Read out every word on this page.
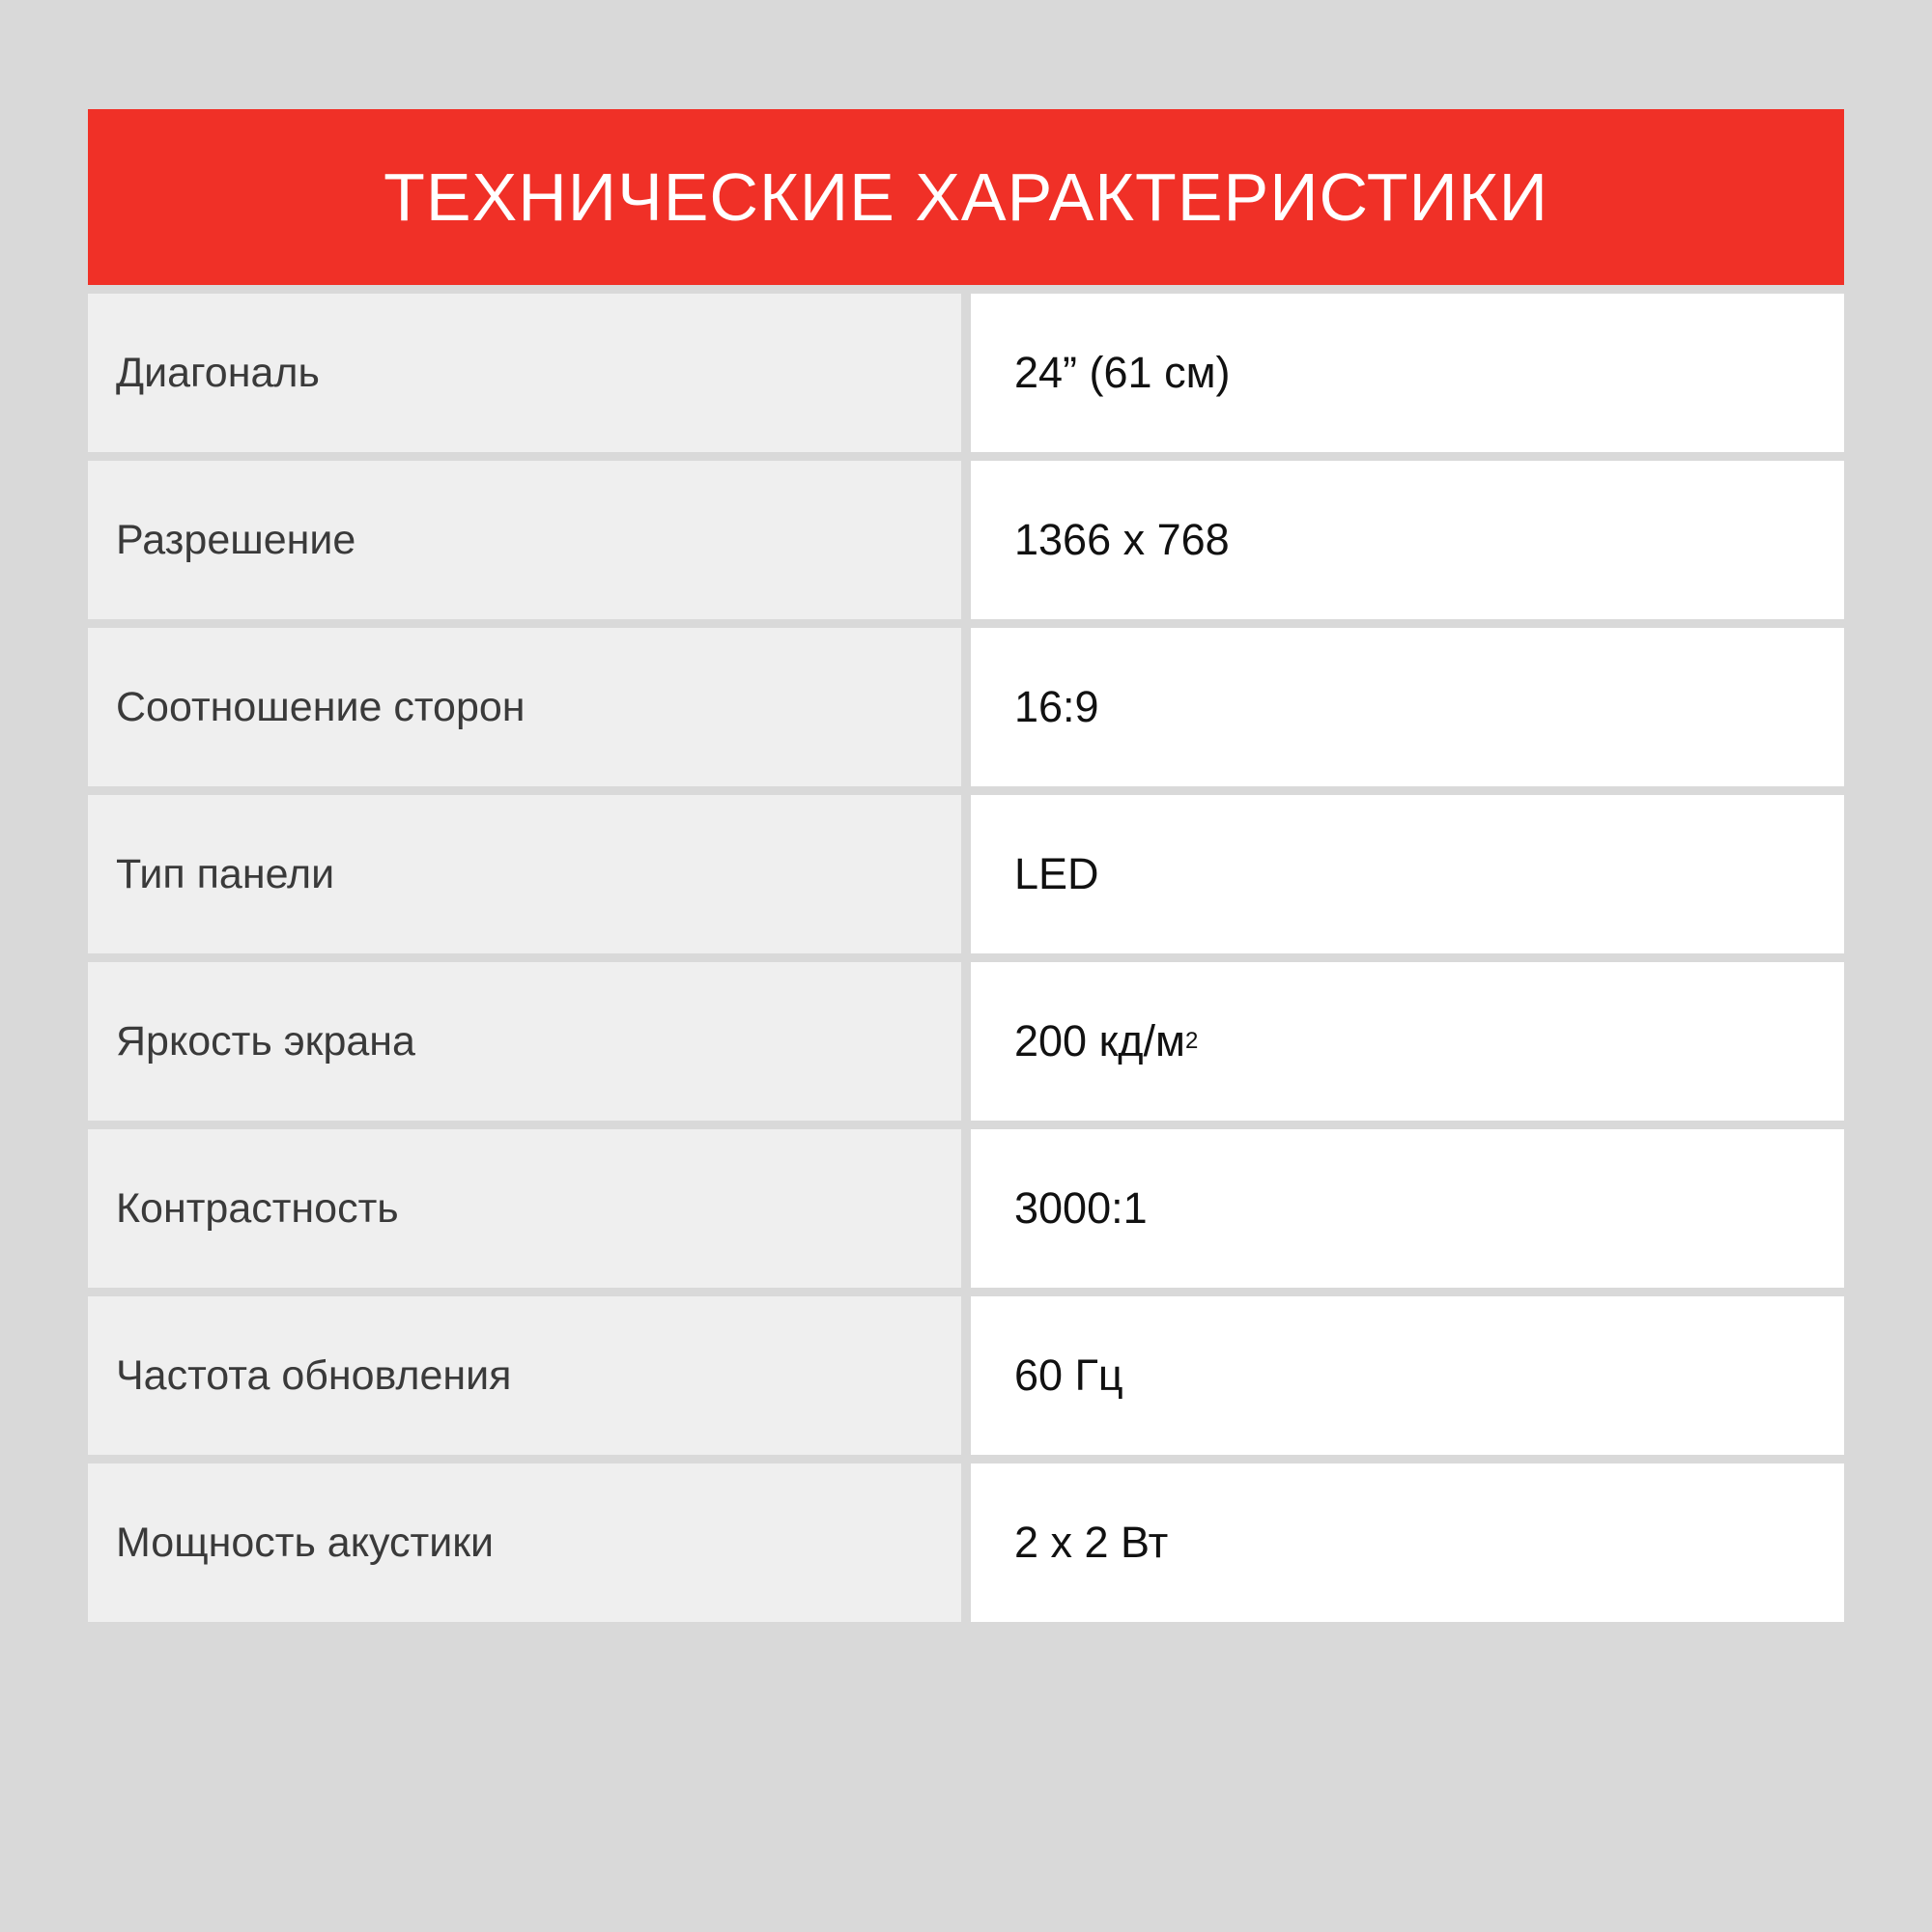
ТЕХНИЧЕСКИЕ ХАРАКТЕРИСТИКИ
Диагональ	24” (61 см)
Разрешение	1366 x 768
Соотношение сторон	16:9
Тип панели	LED
Яркость экрана	200 кд/м 2
Контрастность	3000:1
Частота обновления	60 Гц
Мощность акустики	2 x 2 Вт
